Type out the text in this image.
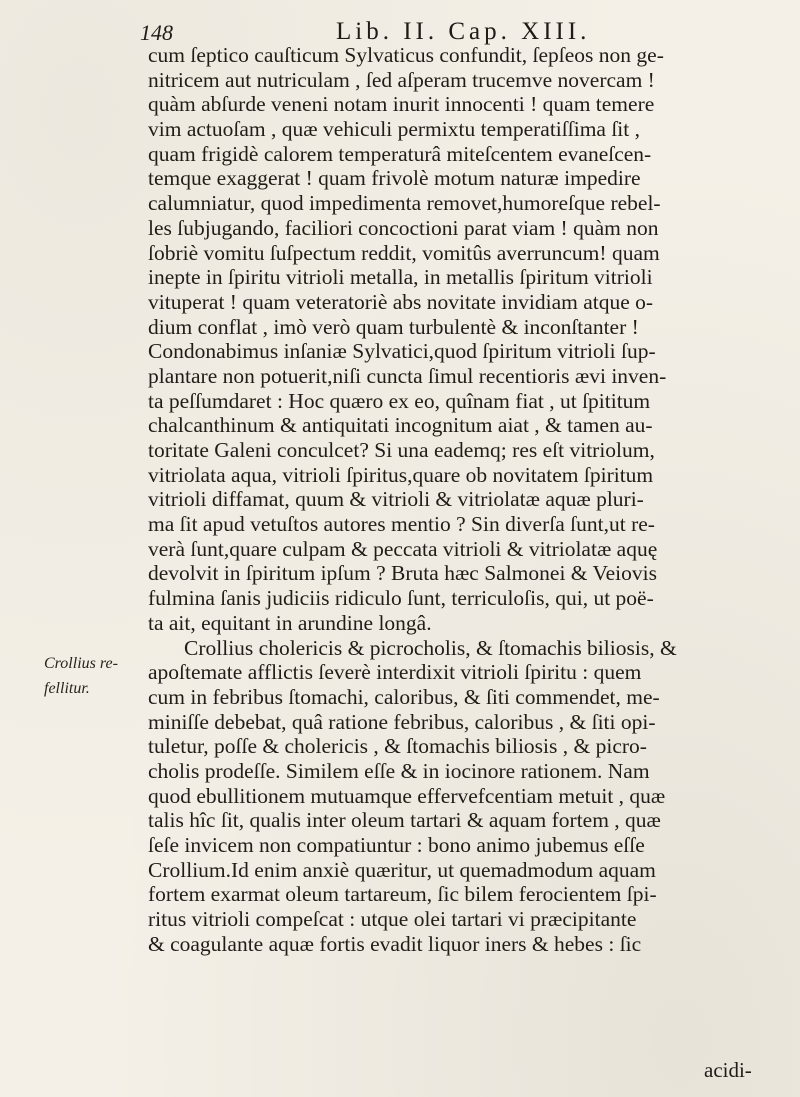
148	Lib. II. Cap. XIII.
Crollius re-
fellitur.
cum ſeptico cauſticum Sylvaticus confundit, ſepſeos non ge-
nitricem aut nutriculam , ſed aſperam trucemve novercam !
quàm abſurde veneni notam inurit innocenti ! quam temere
vim actuoſam , quæ vehiculi permixtu temperatiſſima ſit ,
quam frigidè calorem temperaturâ miteſcentem evaneſcen-
temque exaggerat ! quam frivolè motum naturæ impedire
calumniatur, quod impedimenta removet,humoreſque rebel-
les ſubjugando, faciliori concoctioni parat viam ! quàm non
ſobriè vomitu ſuſpectum reddit, vomitûs averruncum! quam
inepte in ſpiritu vitrioli metalla, in metallis ſpiritum vitrioli
vituperat ! quam veteratoriè abs novitate invidiam atque o-
dium conflat , imò verò quam turbulentè & inconſtanter !
Condonabimus inſaniæ Sylvatici,quod ſpiritum vitrioli ſup-
plantare non potuerit,niſi cuncta ſimul recentioris ævi inven-
ta peſſumdaret : Hoc quæro ex eo, quînam fiat , ut ſpititum
chalcanthinum & antiquitati incognitum aiat , & tamen au-
toritate Galeni conculcet? Si una eademq; res eſt vitriolum,
vitriolata aqua, vitrioli ſpiritus,quare ob novitatem ſpiritum
vitrioli diffamat, quum & vitrioli & vitriolatæ aquæ pluri-
ma ſit apud vetuſtos autores mentio ? Sin diverſa ſunt,ut re-
verà ſunt,quare culpam & peccata vitrioli & vitriolatæ aquę
devolvit in ſpiritum ipſum ? Bruta hæc Salmonei & Veiovis
fulmina ſanis judiciis ridiculo ſunt, terriculoſis, qui, ut poë-
ta ait, equitant in arundine longâ.
Crollius cholericis & picrocholis, & ſtomachis biliosis, &
apoſtemate afflictis ſeverè interdixit vitrioli ſpiritu : quem
cum in febribus ſtomachi, caloribus, & ſiti commendet, me-
miniſſe debebat, quâ ratione febribus, caloribus , & ſiti opi-
tuletur, poſſe & cholericis , & ſtomachis biliosis , & picro-
cholis prodeſſe. Similem eſſe & in iocinore rationem. Nam
quod ebullitionem mutuamque effervefcentiam metuit , quæ
talis hîc ſit, qualis inter oleum tartari & aquam fortem , quæ
ſeſe invicem non compatiuntur : bono animo jubemus eſſe
Crollium.Id enim anxiè quæritur, ut quemadmodum aquam
fortem exarmat oleum tartareum, ſic bilem ferocientem ſpi-
ritus vitrioli compeſcat : utque olei tartari vi præcipitante
& coagulante aquæ fortis evadit liquor iners & hebes : ſic
acidi-
